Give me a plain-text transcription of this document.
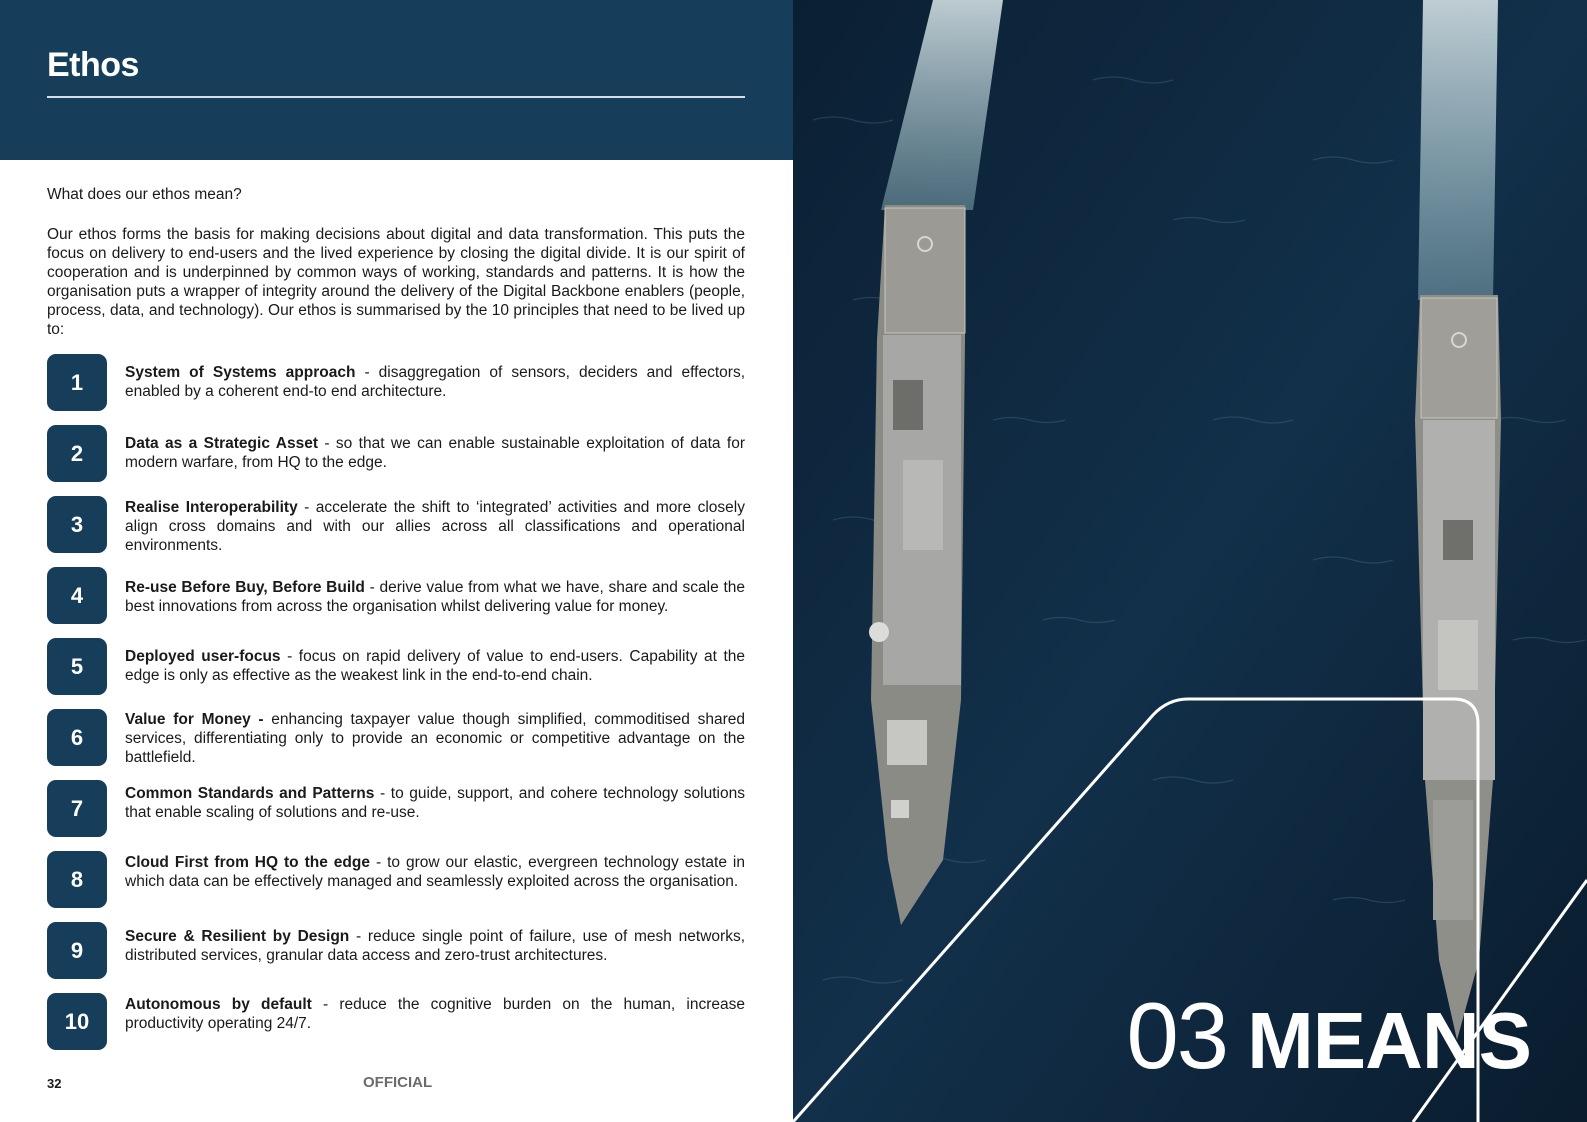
Ethos

What does our ethos mean?

Our ethos forms the basis for making decisions about digital and data transformation. This puts the focus on delivery to end-users and the lived experience by closing the digital divide. It is our spirit of cooperation and is underpinned by common ways of working, standards and patterns. It is how the organisation puts a wrapper of integrity around the delivery of the Digital Backbone enablers (people, process, data, and technology). Our ethos is summarised by the 10 principles that need to be lived up to:

1	System of Systems approach - disaggregation of sensors, deciders and effectors, enabled by a coherent end-to end architecture.

2	Data as a Strategic Asset - so that we can enable sustainable exploitation of data for modern warfare, from HQ to the edge.

3

Realise Interoperability - accelerate the shift to ‘integrated’ activities and more closely align cross domains and with our allies across all classifications and operational environments.

4	Re-use Before Buy, Before Build - derive value from what we have, share and scale the best innovations from across the organisation whilst delivering value for money.

5	Deployed user-focus - focus on rapid delivery of value to end-users. Capability at the edge is only as effective as the weakest link in the end-to-end chain.

6

Value for Money - enhancing taxpayer value though simplified, commoditised shared services, differentiating only to provide an economic or competitive advantage on the battlefield.

7

Common Standards and Patterns - to guide, support, and cohere technology solutions that enable scaling of solutions and re-use.

8

Cloud First from HQ to the edge - to grow our elastic, evergreen technology estate in which data can be effectively managed and seamlessly exploited across the organisation.

9

Secure & Resilient by Design - reduce single point of failure, use of mesh networks, distributed services, granular data access and zero-trust architectures.

10

Autonomous by default - reduce the cognitive burden on the human, increase productivity operating 24/7.

32	OFFICIAL	03 MEANS
